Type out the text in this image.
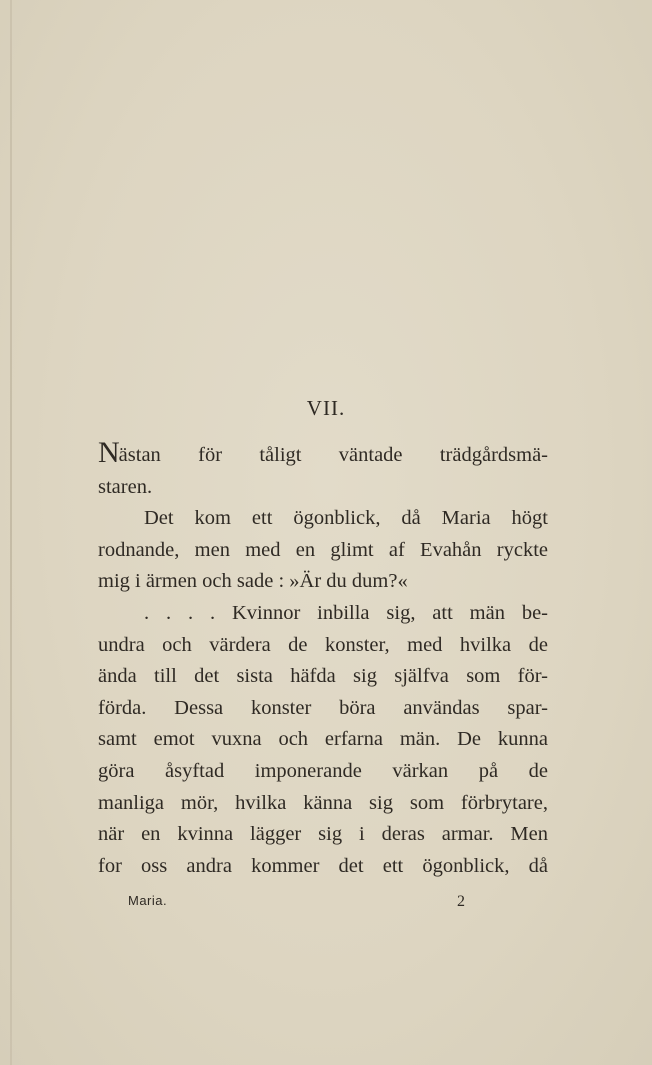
VII.
Nästan för tåligt väntade trädgårdsmä-
staren.
Det kom ett ögonblick, då Maria högt
rodnande, men med en glimt af Evahån ryckte
mig i ärmen och sade : »Är du dum?«
. . . . Kvinnor inbilla sig, att män be-
undra och värdera de konster, med hvilka de
ända till det sista häfda sig själfva som för-
förda. Dessa konster böra användas spar-
samt emot vuxna och erfarna män. De kunna
göra åsyftad imponerande värkan på de
manliga mör, hvilka känna sig som förbrytare,
när en kvinna lägger sig i deras armar. Men
for oss andra kommer det ett ögonblick, då
Maria.	2
